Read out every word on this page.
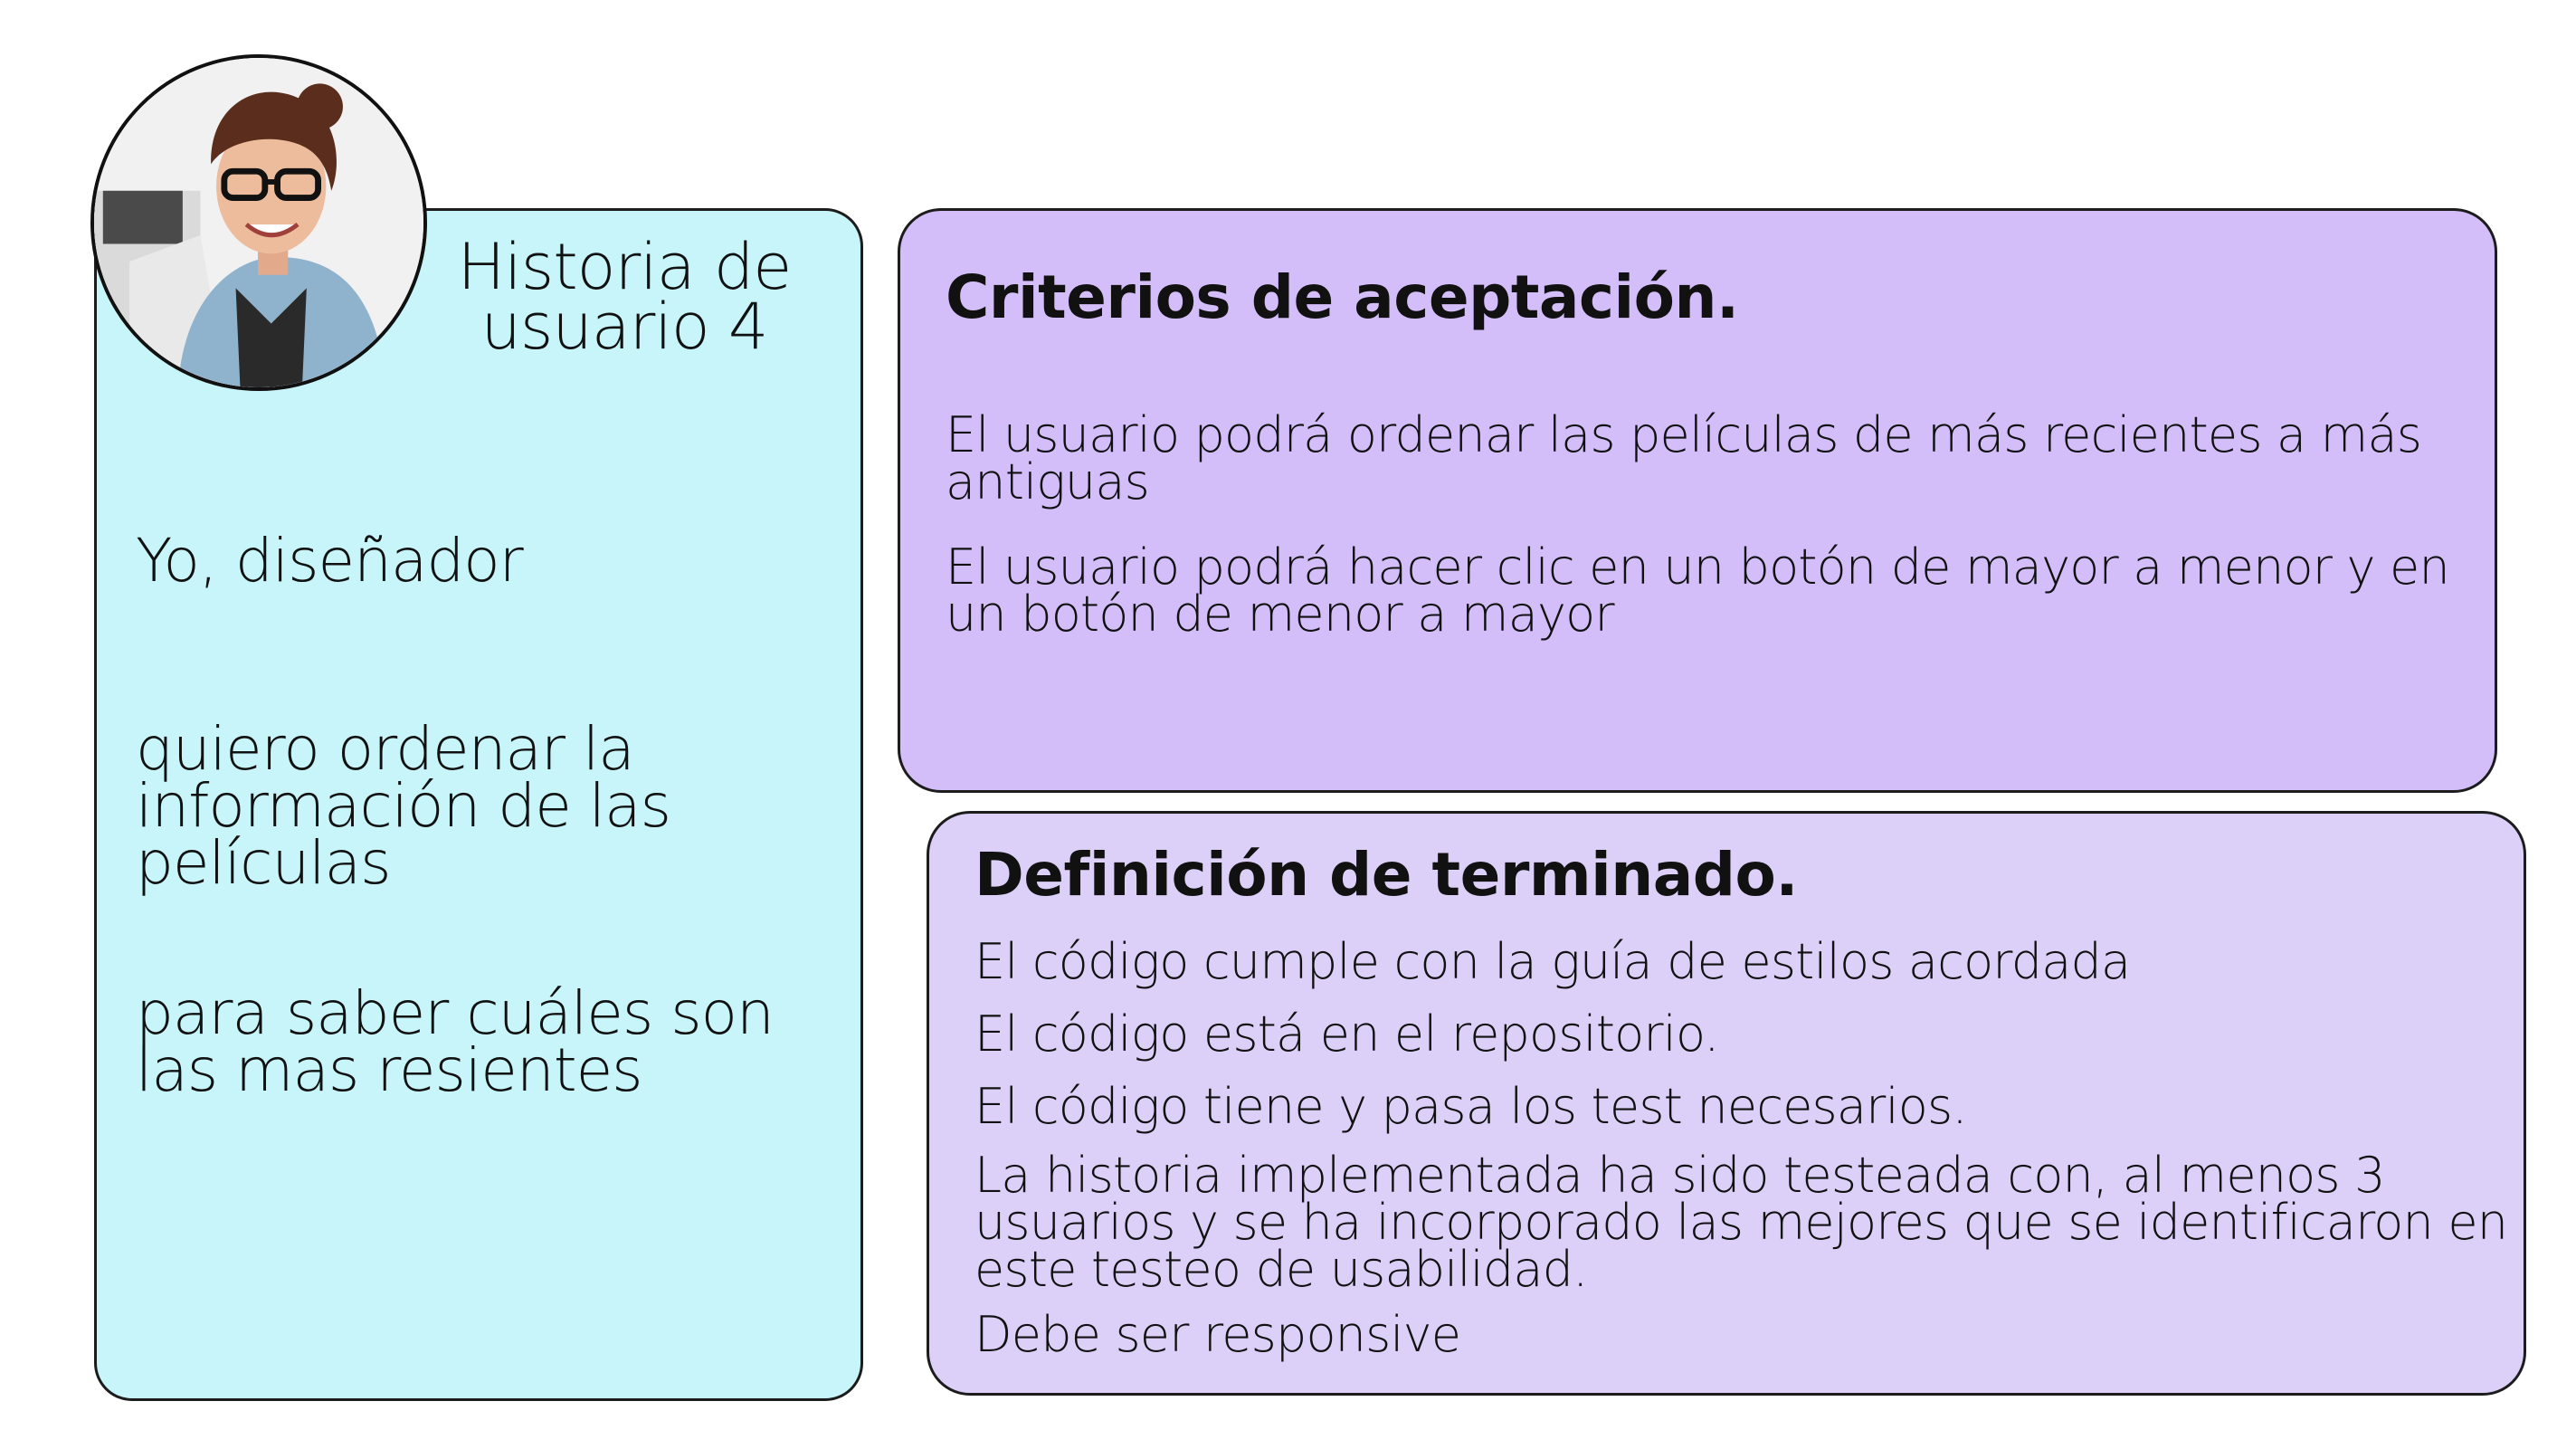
Historia de usuario 4
Yo, diseñador
quiero ordenar la información de las películas
para saber cuáles son las mas resientes
Criterios de aceptación.
El usuario podrá ordenar las películas de más recientes a más antiguas
El usuario podrá hacer clic en un botón de mayor a menor y en un botón de menor a mayor
Definición de terminado.
El código cumple con la guía de estilos acordada
El código está en el repositorio.
El código tiene y pasa los test necesarios.
La historia implementada ha sido testeada con, al menos 3 usuarios y se ha incorporado las mejores que se identificaron en este testeo de usabilidad.
Debe ser responsive
